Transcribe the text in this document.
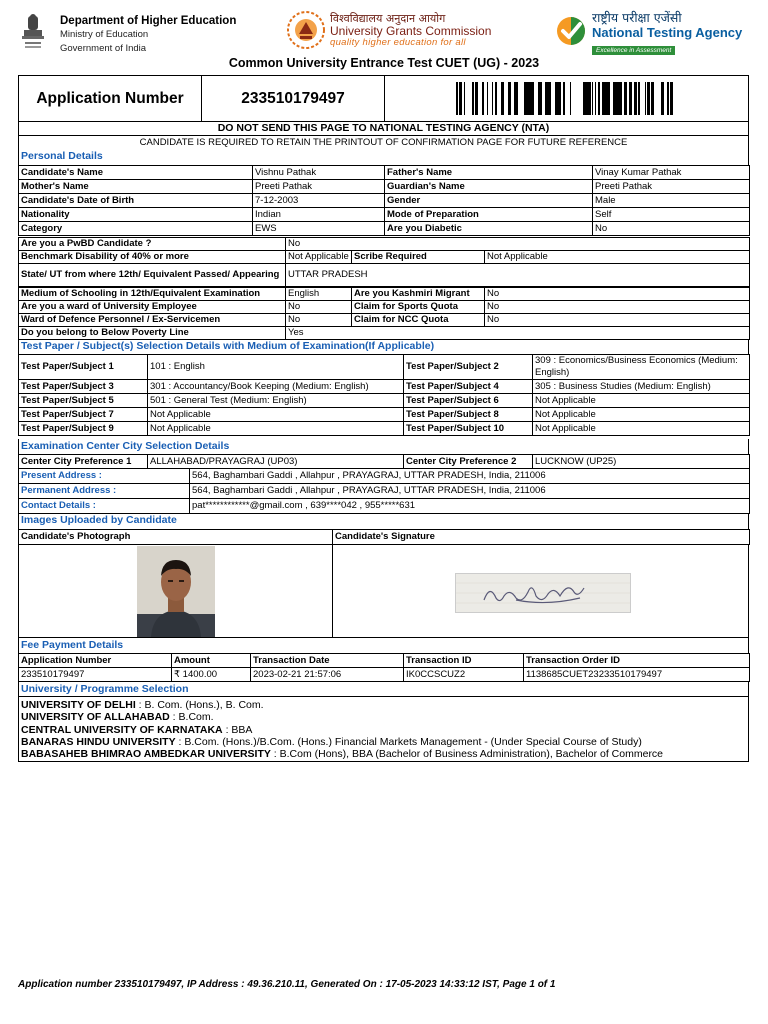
Department of Higher Education
Ministry of Education
Government of India
विश्वविद्यालय अनुदान आयोग
University Grants Commission
quality higher education for all
राष्ट्रीय परीक्षा एजेंसी
National Testing Agency
Excellence in Assessment
Common University Entrance Test CUET (UG) - 2023
Application Number	233510179497
DO NOT SEND THIS PAGE TO NATIONAL TESTING AGENCY (NTA)
CANDIDATE IS REQUIRED TO RETAIN THE PRINTOUT OF CONFIRMATION PAGE FOR FUTURE REFERENCE
Personal Details
Candidate's Name	Vishnu Pathak	Father's Name	Vinay Kumar Pathak
Mother's Name	Preeti Pathak	Guardian's Name	Preeti Pathak
Candidate's Date of Birth	7-12-2003	Gender	Male
Nationality	Indian	Mode of Preparation	Self
Category	EWS	Are you Diabetic	No
Are you a PwBD Candidate ?	No		
Benchmark Disability of 40% or more	Not Applicable	Scribe Required	Not Applicable
State/ UT from where 12th/ Equivalent Passed/ Appearing	UTTAR PRADESH		
Medium of Schooling in 12th/Equivalent Examination	English	Are you Kashmiri Migrant	No
Are you a ward of University Employee	No	Claim for Sports Quota	No
Ward of Defence Personnel / Ex-Servicemen	No	Claim for NCC Quota	No
Do you belong to Below Poverty Line	Yes		
Test Paper / Subject(s) Selection Details with Medium of Examination(If Applicable)
Test Paper/Subject 1	101 : English	Test Paper/Subject 2	309 : Economics/Business Economics (Medium: English)
Test Paper/Subject 3	301 : Accountancy/Book Keeping (Medium: English)	Test Paper/Subject 4	305 : Business Studies (Medium: English)
Test Paper/Subject 5	501 : General Test (Medium: English)	Test Paper/Subject 6	Not Applicable
Test Paper/Subject 7	Not Applicable	Test Paper/Subject 8	Not Applicable
Test Paper/Subject 9	Not Applicable	Test Paper/Subject 10	Not Applicable
Examination Center City Selection Details
Center City Preference 1	ALLAHABAD/PRAYAGRAJ (UP03)	Center City Preference 2	LUCKNOW (UP25)
Present Address :	564, Baghambari Gaddi , Allahpur , PRAYAGRAJ, UTTAR PRADESH, India, 211006
Permanent Address :	564, Baghambari Gaddi , Allahpur , PRAYAGRAJ, UTTAR PRADESH, India, 211006
Contact Details :	pat************@gmail.com , 639****042 , 955*****631
Images Uploaded by Candidate
Candidate's Photograph	Candidate's Signature
Fee Payment Details
Application Number	Amount	Transaction Date	Transaction ID	Transaction Order ID
233510179497	₹ 1400.00	2023-02-21 21:57:06	IK0CCSCUZ2	1138685CUET23233510179497
University / Programme Selection
UNIVERSITY OF DELHI : B. Com. (Hons.), B. Com.
UNIVERSITY OF ALLAHABAD : B.Com.
CENTRAL UNIVERSITY OF KARNATAKA : BBA
BANARAS HINDU UNIVERSITY : B.Com. (Hons.)/B.Com. (Hons.) Financial Markets Management - (Under Special Course of Study)
BABASAHEB BHIMRAO AMBEDKAR UNIVERSITY : B.Com (Hons), BBA (Bachelor of Business Administration), Bachelor of Commerce
Application number 233510179497, IP Address : 49.36.210.11, Generated On : 17-05-2023 14:33:12 IST, Page 1 of 1
